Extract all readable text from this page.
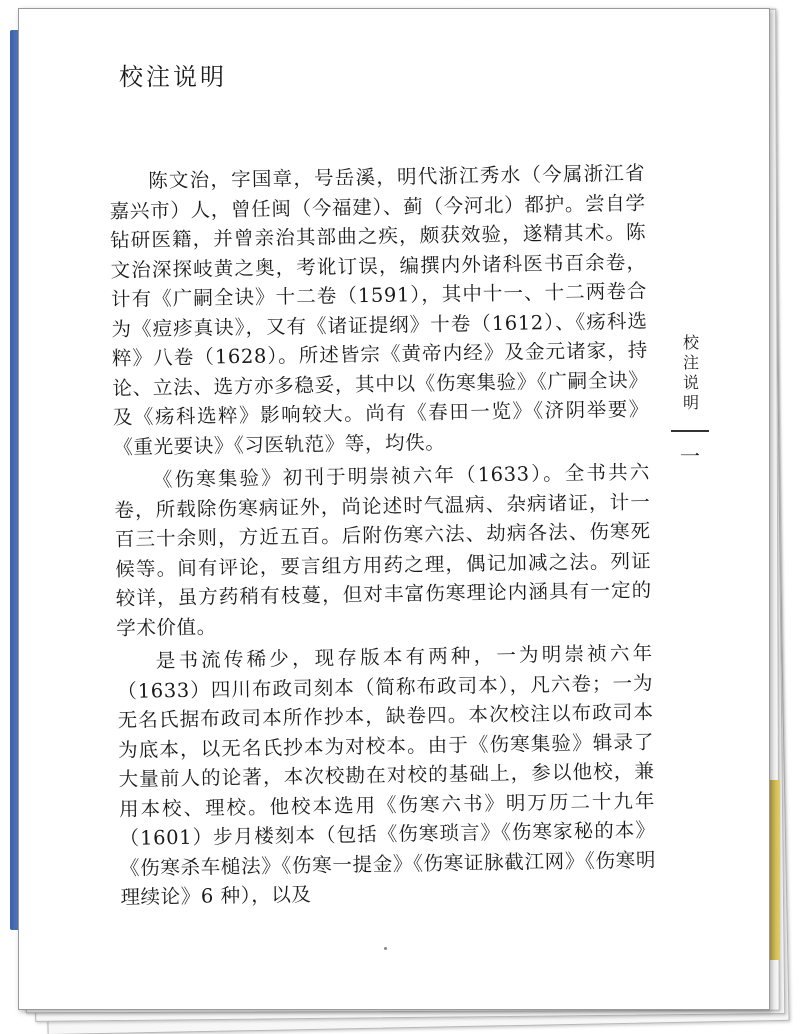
校注说明

陈文治，字国章，号岳溪，明代浙江秀水（今属浙江省嘉兴市）人，曾任闽（今福建）、蓟（今河北）都护。尝自学钻研医籍，并曾亲治其部曲之疾，颇获效验，遂精其术。陈文治深探岐黄之奥，考讹订误，编撰内外诸科医书百余卷，计有《广嗣全诀》十二卷（1591），其中十一、十二两卷合为《痘疹真诀》，又有《诸证提纲》十卷（1612）、《疡科选粹》八卷（1628）。所述皆宗《黄帝内经》及金元诸家，持论、立法、选方亦多稳妥，其中以《伤寒集验》《广嗣全诀》及《疡科选粹》影响较大。尚有《春田一览》《济阴举要》《重光要诀》《习医轨范》等，均佚。

《伤寒集验》初刊于明崇祯六年（1633）。全书共六卷，所载除伤寒病证外，尚论述时气温病、杂病诸证，计一百三十余则，方近五百。后附伤寒六法、劫病各法、伤寒死候等。间有评论，要言组方用药之理，偶记加减之法。列证较详，虽方药稍有枝蔓，但对丰富伤寒理论内涵具有一定的学术价值。

是书流传稀少，现存版本有两种，一为明崇祯六年（1633）四川布政司刻本（简称布政司本），凡六卷；一为无名氏据布政司本所作抄本，缺卷四。本次校注以布政司本为底本，以无名氏抄本为对校本。由于《伤寒集验》辑录了大量前人的论著，本次校勘在对校的基础上，参以他校，兼用本校、理校。他校本选用《伤寒六书》明万历二十九年（1601）步月楼刻本（包括《伤寒琐言》《伤寒家秘的本》《伤寒杀车槌法》《伤寒一提金》《伤寒证脉截江网》《伤寒明理续论》6 种），以及

校注说明
一
